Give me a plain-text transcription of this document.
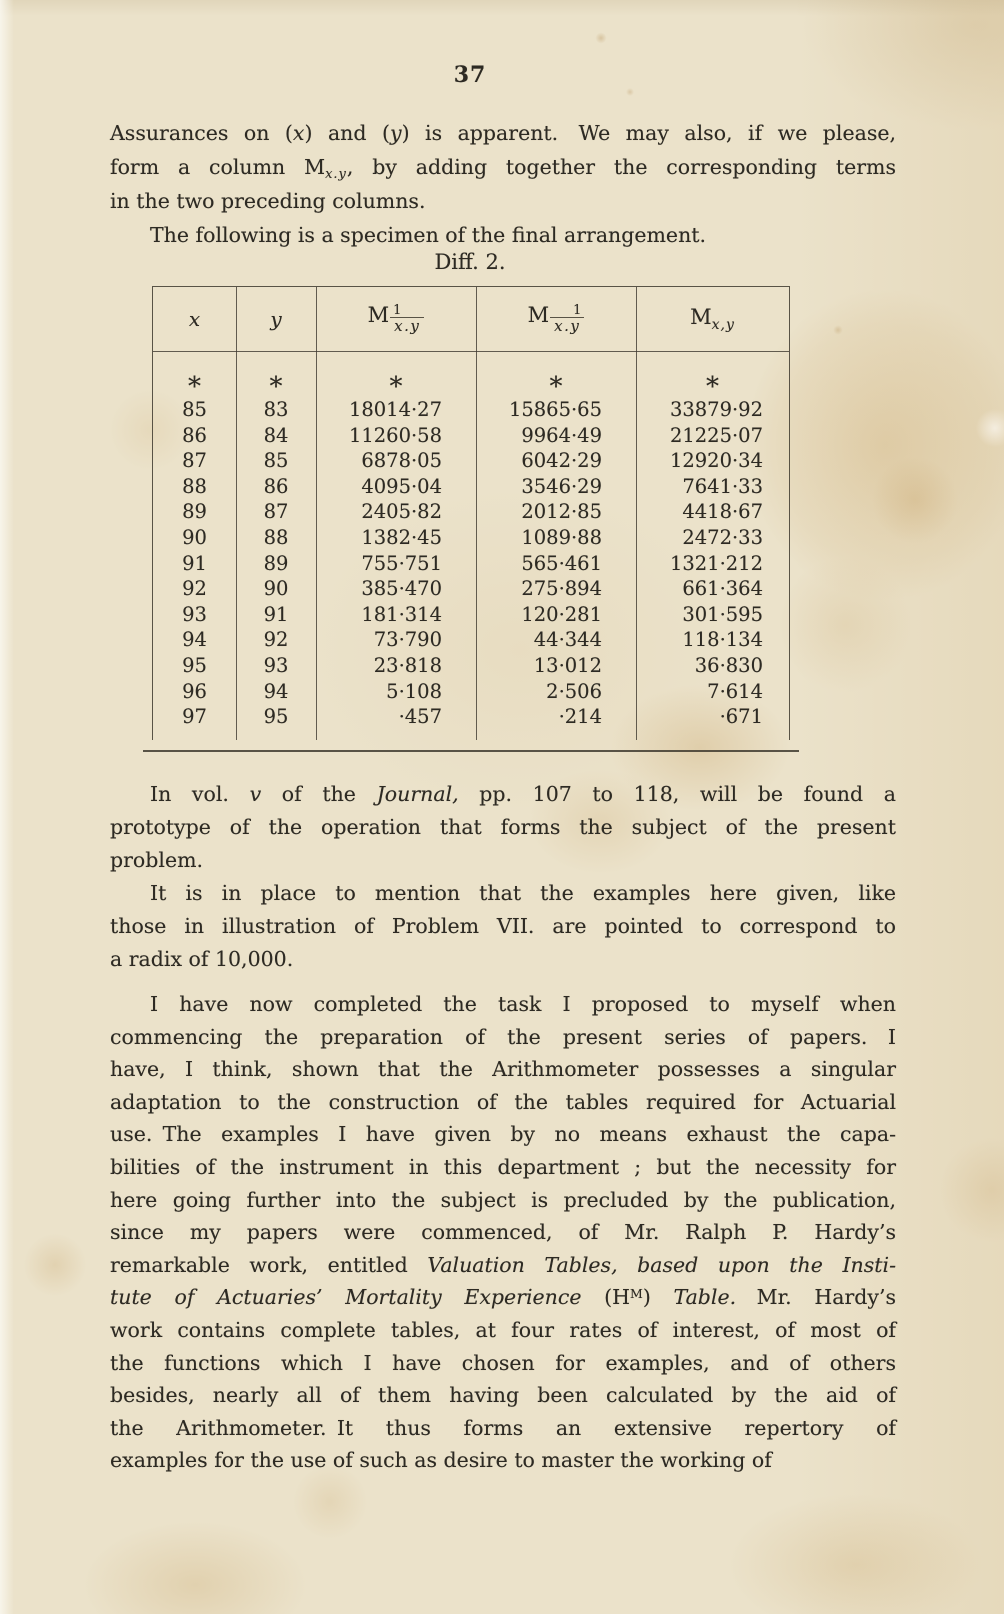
37
Assurances on (x) and (y) is apparent. We may also, if we please,
form a column $M_{x.y}$, by adding together the corresponding terms
in the two preceding columns.
The following is a specimen of the final arrangement.
Diff. 2.
x	y	M $\frac{1}{x.y}$	M $\frac{1}{x.y}$	$M_{x,y}$
*	*	*	*	*
85	83	18014·27	15865·65	33879·92
86	84	11260·58	9964·49	21225·07
87	85	6878·05	6042·29	12920·34
88	86	4095·04	3546·29	7641·33
89	87	2405·82	2012·85	4418·67
90	88	1382·45	1089·88	2472·33
91	89	755·751	565·461	1321·212
92	90	385·470	275·894	661·364
93	91	181·314	120·281	301·595
94	92	73·790	44·344	118·134
95	93	23·818	13·012	36·830
96	94	5·108	2·506	7·614
97	95	·457	·214	·671
In vol. v of the Journal, pp. 107 to 118, will be found a
prototype of the operation that forms the subject of the present
problem.
It is in place to mention that the examples here given, like
those in illustration of Problem VII. are pointed to correspond to
a radix of 10,000.
I have now completed the task I proposed to myself when
commencing the preparation of the present series of papers. I
have, I think, shown that the Arithmometer possesses a singular
adaptation to the construction of the tables required for Actuarial
use. The examples I have given by no means exhaust the capa-
bilities of the instrument in this department ; but the necessity for
here going further into the subject is precluded by the publication,
since my papers were commenced, of Mr. Ralph P. Hardy’s
remarkable work, entitled Valuation Tables, based upon the Insti-
tute of Actuaries’ Mortality Experience $(H^M)$ Table. Mr. Hardy’s
work contains complete tables, at four rates of interest, of most of
the functions which I have chosen for examples, and of others
besides, nearly all of them having been calculated by the aid of
the Arithmometer. It thus forms an extensive repertory of
examples for the use of such as desire to master the working of
